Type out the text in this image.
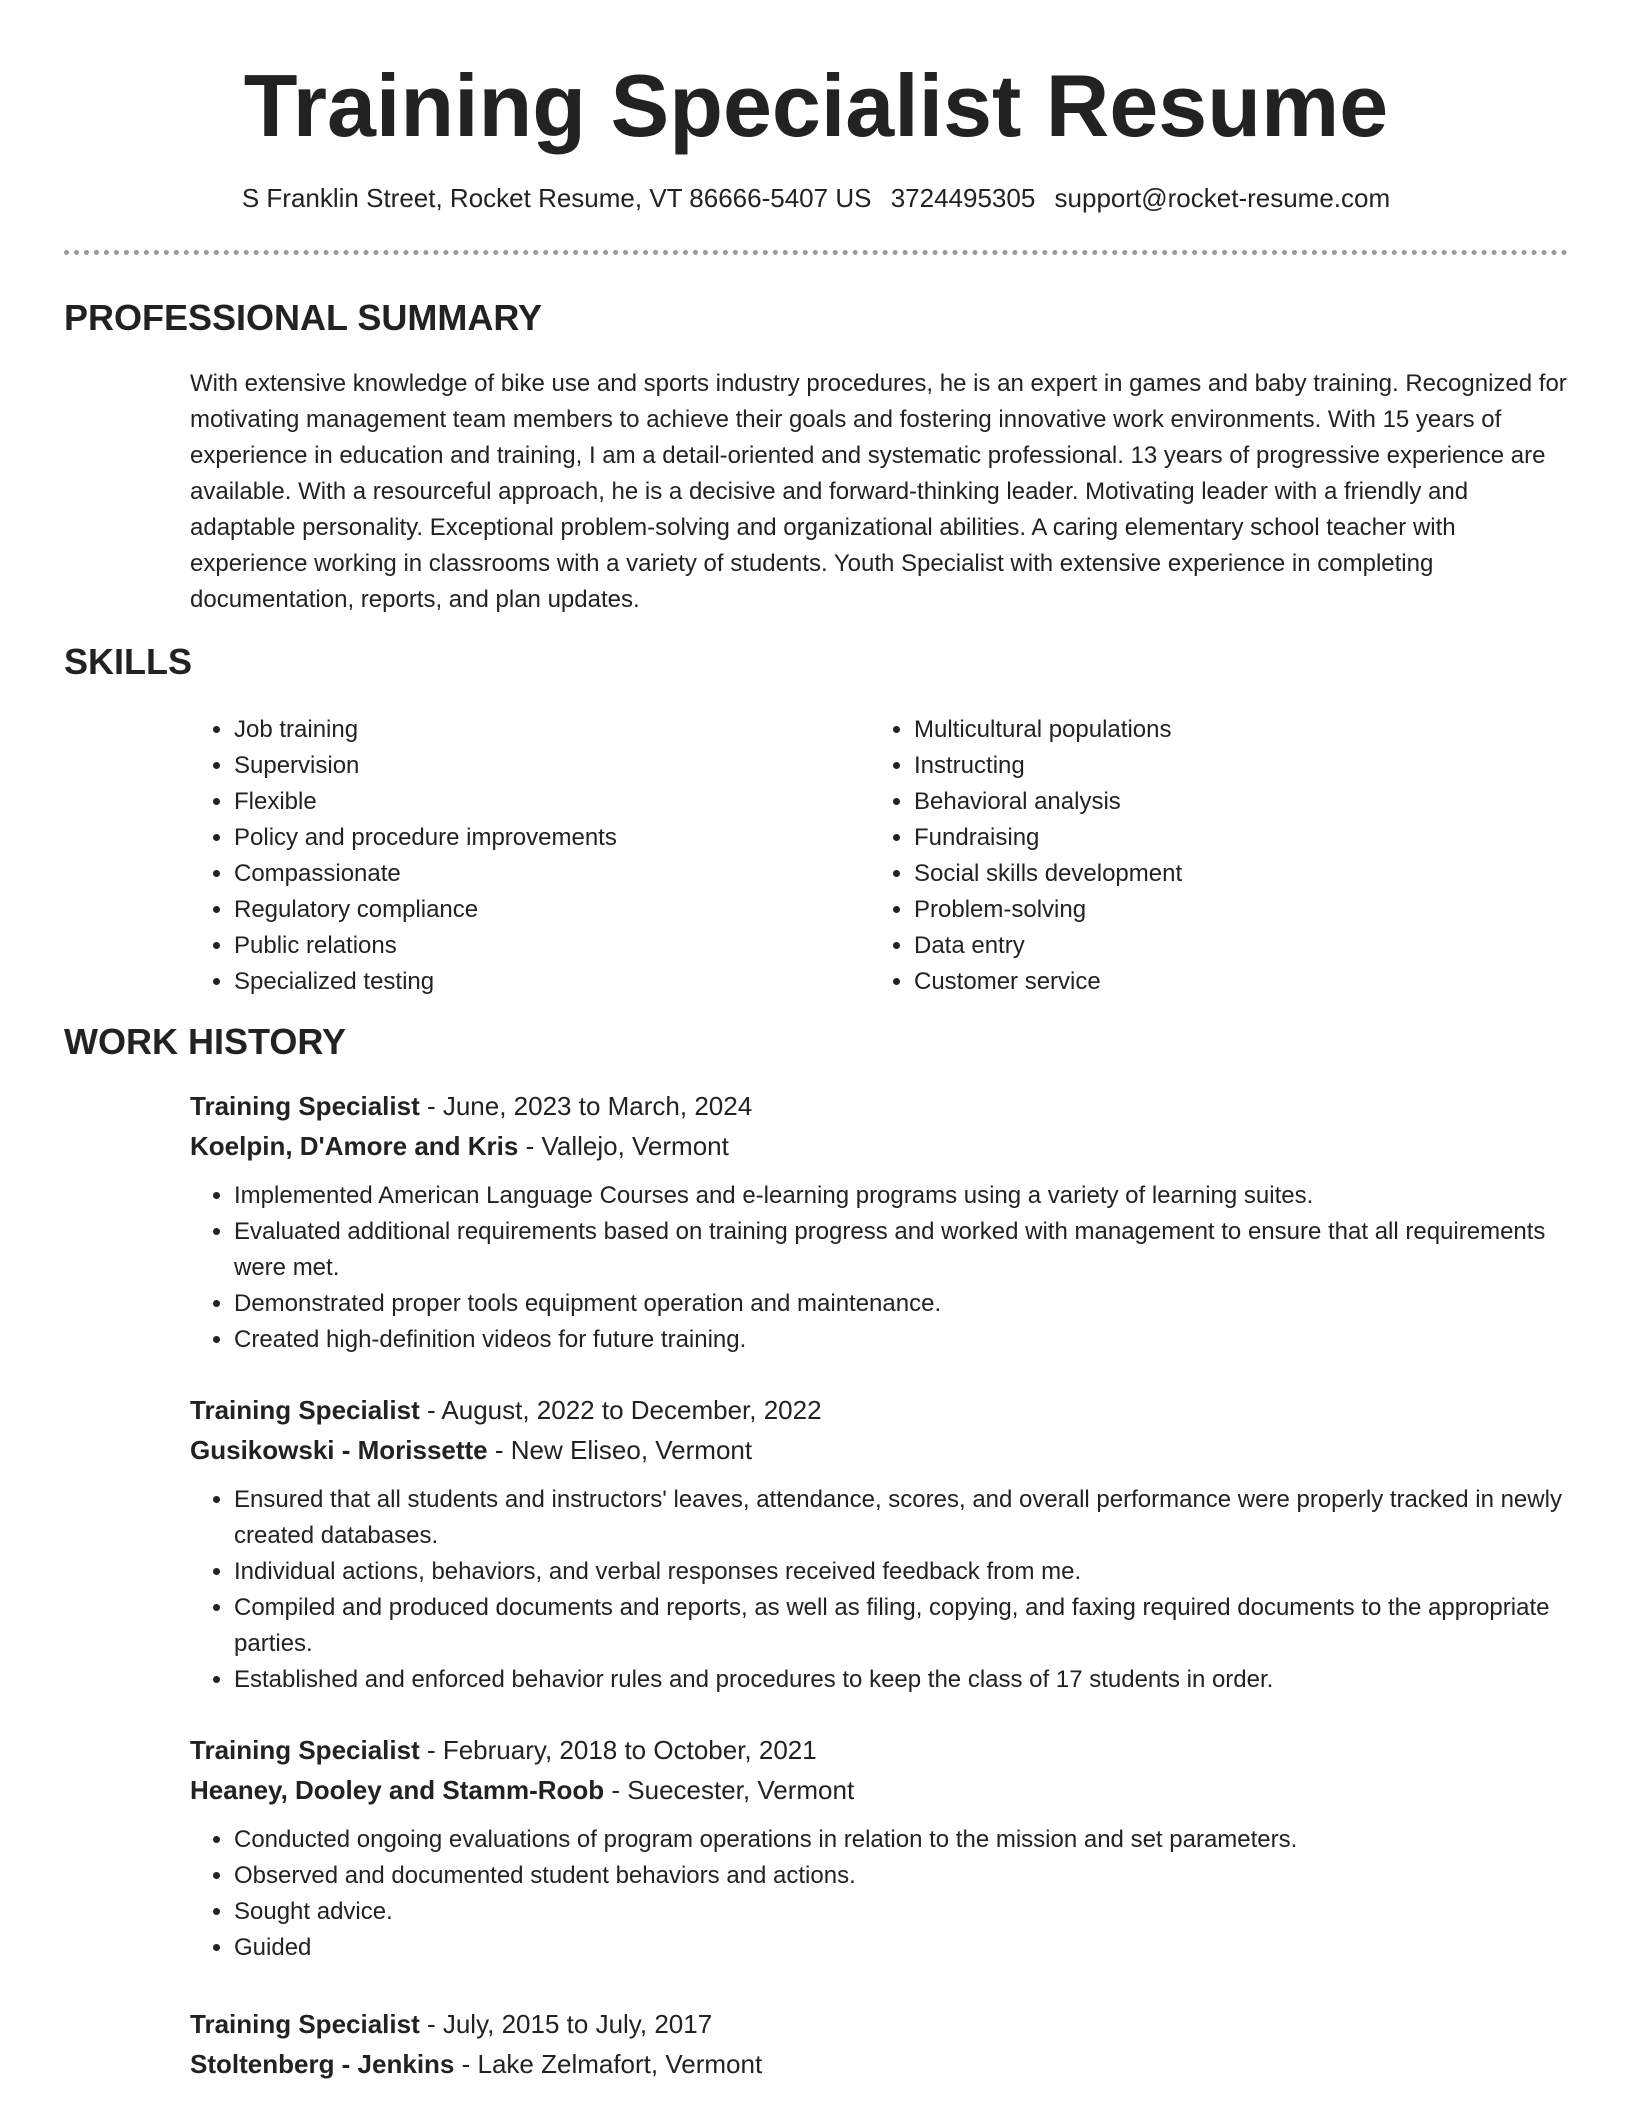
Training Specialist Resume
S Franklin Street, Rocket Resume, VT 86666-5407 US 3724495305 support@rocket-resume.com
PROFESSIONAL SUMMARY

With extensive knowledge of bike use and sports industry procedures, he is an expert in games and baby training. Recognized for motivating management team members to achieve their goals and fostering innovative work environments. With 15 years of experience in education and training, I am a detail-oriented and systematic professional. 13 years of progressive experience are available. With a resourceful approach, he is a decisive and forward-thinking leader. Motivating leader with a friendly and adaptable personality. Exceptional problem-solving and organizational abilities. A caring elementary school teacher with experience working in classrooms with a variety of students. Youth Specialist with extensive experience in completing documentation, reports, and plan updates.

SKILLS
• Job training
• Supervision
• Flexible
• Policy and procedure improvements
• Compassionate
• Regulatory compliance
• Public relations
• Specialized testing
• Multicultural populations
• Instructing
• Behavioral analysis
• Fundraising
• Social skills development
• Problem-solving
• Data entry
• Customer service
WORK HISTORY
Training Specialist - June, 2023 to March, 2024
Koelpin, D'Amore and Kris - Vallejo, Vermont
• Implemented American Language Courses and e-learning programs using a variety of learning suites.
• Evaluated additional requirements based on training progress and worked with management to ensure that all requirements were met.
• Demonstrated proper tools equipment operation and maintenance.
• Created high-definition videos for future training.
Training Specialist - August, 2022 to December, 2022
Gusikowski - Morissette - New Eliseo, Vermont
• Ensured that all students and instructors' leaves, attendance, scores, and overall performance were properly tracked in newly created databases.
• Individual actions, behaviors, and verbal responses received feedback from me.
• Compiled and produced documents and reports, as well as filing, copying, and faxing required documents to the appropriate parties.
• Established and enforced behavior rules and procedures to keep the class of 17 students in order.
Training Specialist - February, 2018 to October, 2021
Heaney, Dooley and Stamm-Roob - Suecester, Vermont
• Conducted ongoing evaluations of program operations in relation to the mission and set parameters.
• Observed and documented student behaviors and actions.
• Sought advice.
• Guided
Training Specialist - July, 2015 to July, 2017
Stoltenberg - Jenkins - Lake Zelmafort, Vermont
